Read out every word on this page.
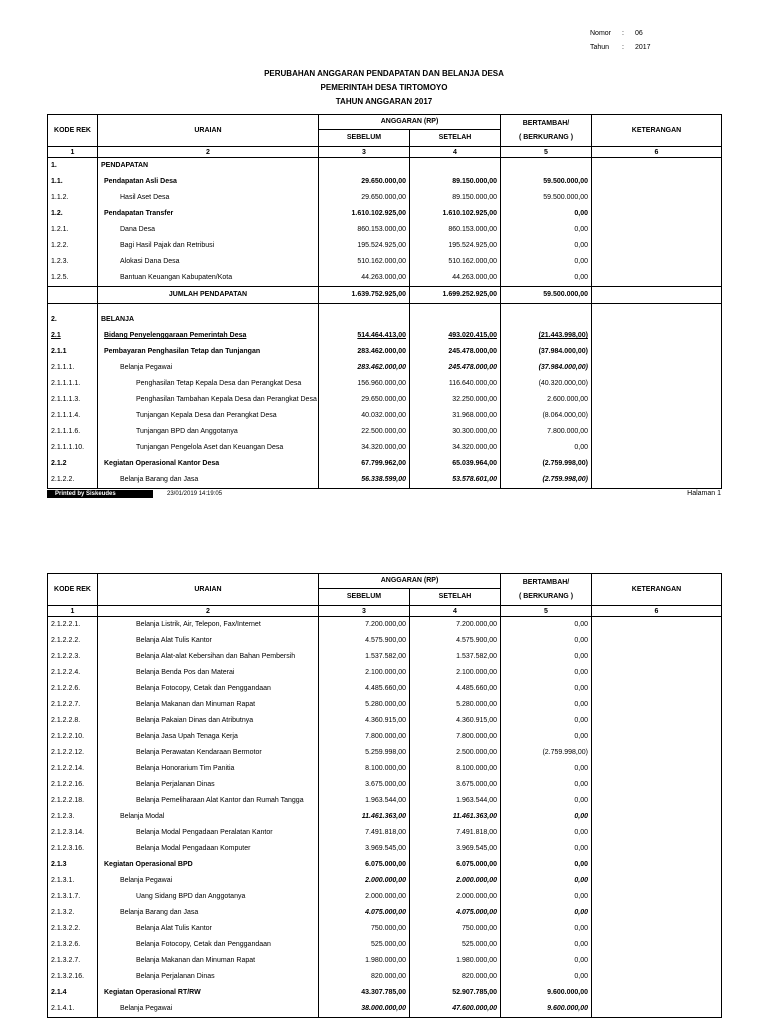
Nomor : 06
Tahun : 2017
PERUBAHAN ANGGARAN PENDAPATAN DAN BELANJA DESA
PEMERINTAH DESA TIRTOMOYO
TAHUN ANGGARAN 2017
KODE REK	URAIAN	ANGGARAN (RP)		BERTAMBAH/
( BERKURANG )	KETERANGAN
		SEBELUM	SETELAH		
1	2	3	4	5	6
1.	PENDAPATAN				
1.1.	Pendapatan Asli Desa	29.650.000,00	89.150.000,00	59.500.000,00	
1.1.2.	Hasil Aset Desa	29.650.000,00	89.150.000,00	59.500.000,00	
1.2.	Pendapatan Transfer	1.610.102.925,00	1.610.102.925,00	0,00	
1.2.1.	Dana Desa	860.153.000,00	860.153.000,00	0,00	
1.2.2.	Bagi Hasil Pajak dan Retribusi	195.524.925,00	195.524.925,00	0,00	
1.2.3.	Alokasi Dana Desa	510.162.000,00	510.162.000,00	0,00	
1.2.5.	Bantuan Keuangan Kabupaten/Kota	44.263.000,00	44.263.000,00	0,00	
	JUMLAH PENDAPATAN	1.639.752.925,00	1.699.252.925,00	59.500.000,00	

2.	BELANJA				
2.1	Bidang Penyelenggaraan Pemerintah Desa	514.464.413,00	493.020.415,00	(21.443.998,00)	
2.1.1	Pembayaran Penghasilan Tetap dan Tunjangan	283.462.000,00	245.478.000,00	(37.984.000,00)	
2.1.1.1.	Belanja Pegawai	283.462.000,00	245.478.000,00	(37.984.000,00)	
2.1.1.1.1.	Penghasilan Tetap Kepala Desa dan Perangkat Desa	156.960.000,00	116.640.000,00	(40.320.000,00)	
2.1.1.1.3.	Penghasilan Tambahan Kepala Desa dan Perangkat Desa	29.650.000,00	32.250.000,00	2.600.000,00	
2.1.1.1.4.	Tunjangan Kepala Desa dan Perangkat Desa	40.032.000,00	31.968.000,00	(8.064.000,00)	
2.1.1.1.6.	Tunjangan BPD dan Anggotanya	22.500.000,00	30.300.000,00	7.800.000,00	
2.1.1.1.10.	Tunjangan Pengelola Aset dan Keuangan Desa	34.320.000,00	34.320.000,00	0,00	
2.1.2	Kegiatan Operasional Kantor Desa	67.799.962,00	65.039.964,00	(2.759.998,00)	
2.1.2.2.	Belanja Barang dan Jasa	56.338.599,00	53.578.601,00	(2.759.998,00)	
Printed by Siskeudes	23/01/2019 14:19:05	Halaman 1
KODE REK	URAIAN	ANGGARAN (RP)		BERTAMBAH/
( BERKURANG )	KETERANGAN
		SEBELUM	SETELAH		
1	2	3	4	5	6
2.1.2.2.1.	Belanja Listrik, Air, Telepon, Fax/Internet	7.200.000,00	7.200.000,00	0,00	
2.1.2.2.2.	Belanja Alat Tulis Kantor	4.575.900,00	4.575.900,00	0,00	
2.1.2.2.3.	Belanja Alat-alat Kebersihan dan Bahan Pembersih	1.537.582,00	1.537.582,00	0,00	
2.1.2.2.4.	Belanja Benda Pos dan Materai	2.100.000,00	2.100.000,00	0,00	
2.1.2.2.6.	Belanja Fotocopy, Cetak dan Penggandaan	4.485.660,00	4.485.660,00	0,00	
2.1.2.2.7.	Belanja Makanan dan Minuman Rapat	5.280.000,00	5.280.000,00	0,00	
2.1.2.2.8.	Belanja Pakaian Dinas dan Atributnya	4.360.915,00	4.360.915,00	0,00	
2.1.2.2.10.	Belanja Jasa Upah Tenaga Kerja	7.800.000,00	7.800.000,00	0,00	
2.1.2.2.12.	Belanja Perawatan Kendaraan Bermotor	5.259.998,00	2.500.000,00	(2.759.998,00)	
2.1.2.2.14.	Belanja Honorarium Tim Panitia	8.100.000,00	8.100.000,00	0,00	
2.1.2.2.16.	Belanja Perjalanan Dinas	3.675.000,00	3.675.000,00	0,00	
2.1.2.2.18.	Belanja Pemeliharaan Alat Kantor dan Rumah Tangga	1.963.544,00	1.963.544,00	0,00	
2.1.2.3.	Belanja Modal	11.461.363,00	11.461.363,00	0,00	
2.1.2.3.14.	Belanja Modal Pengadaan Peralatan Kantor	7.491.818,00	7.491.818,00	0,00	
2.1.2.3.16.	Belanja Modal Pengadaan Komputer	3.969.545,00	3.969.545,00	0,00	
2.1.3	Kegiatan Operasional BPD	6.075.000,00	6.075.000,00	0,00	
2.1.3.1.	Belanja Pegawai	2.000.000,00	2.000.000,00	0,00	
2.1.3.1.7.	Uang Sidang BPD dan Anggotanya	2.000.000,00	2.000.000,00	0,00	
2.1.3.2.	Belanja Barang dan Jasa	4.075.000,00	4.075.000,00	0,00	
2.1.3.2.2.	Belanja Alat Tulis Kantor	750.000,00	750.000,00	0,00	
2.1.3.2.6.	Belanja Fotocopy, Cetak dan Penggandaan	525.000,00	525.000,00	0,00	
2.1.3.2.7.	Belanja Makanan dan Minuman Rapat	1.980.000,00	1.980.000,00	0,00	
2.1.3.2.16.	Belanja Perjalanan Dinas	820.000,00	820.000,00	0,00	
2.1.4	Kegiatan Operasional RT/RW	43.307.785,00	52.907.785,00	9.600.000,00	
2.1.4.1.	Belanja Pegawai	38.000.000,00	47.600.000,00	9.600.000,00	
